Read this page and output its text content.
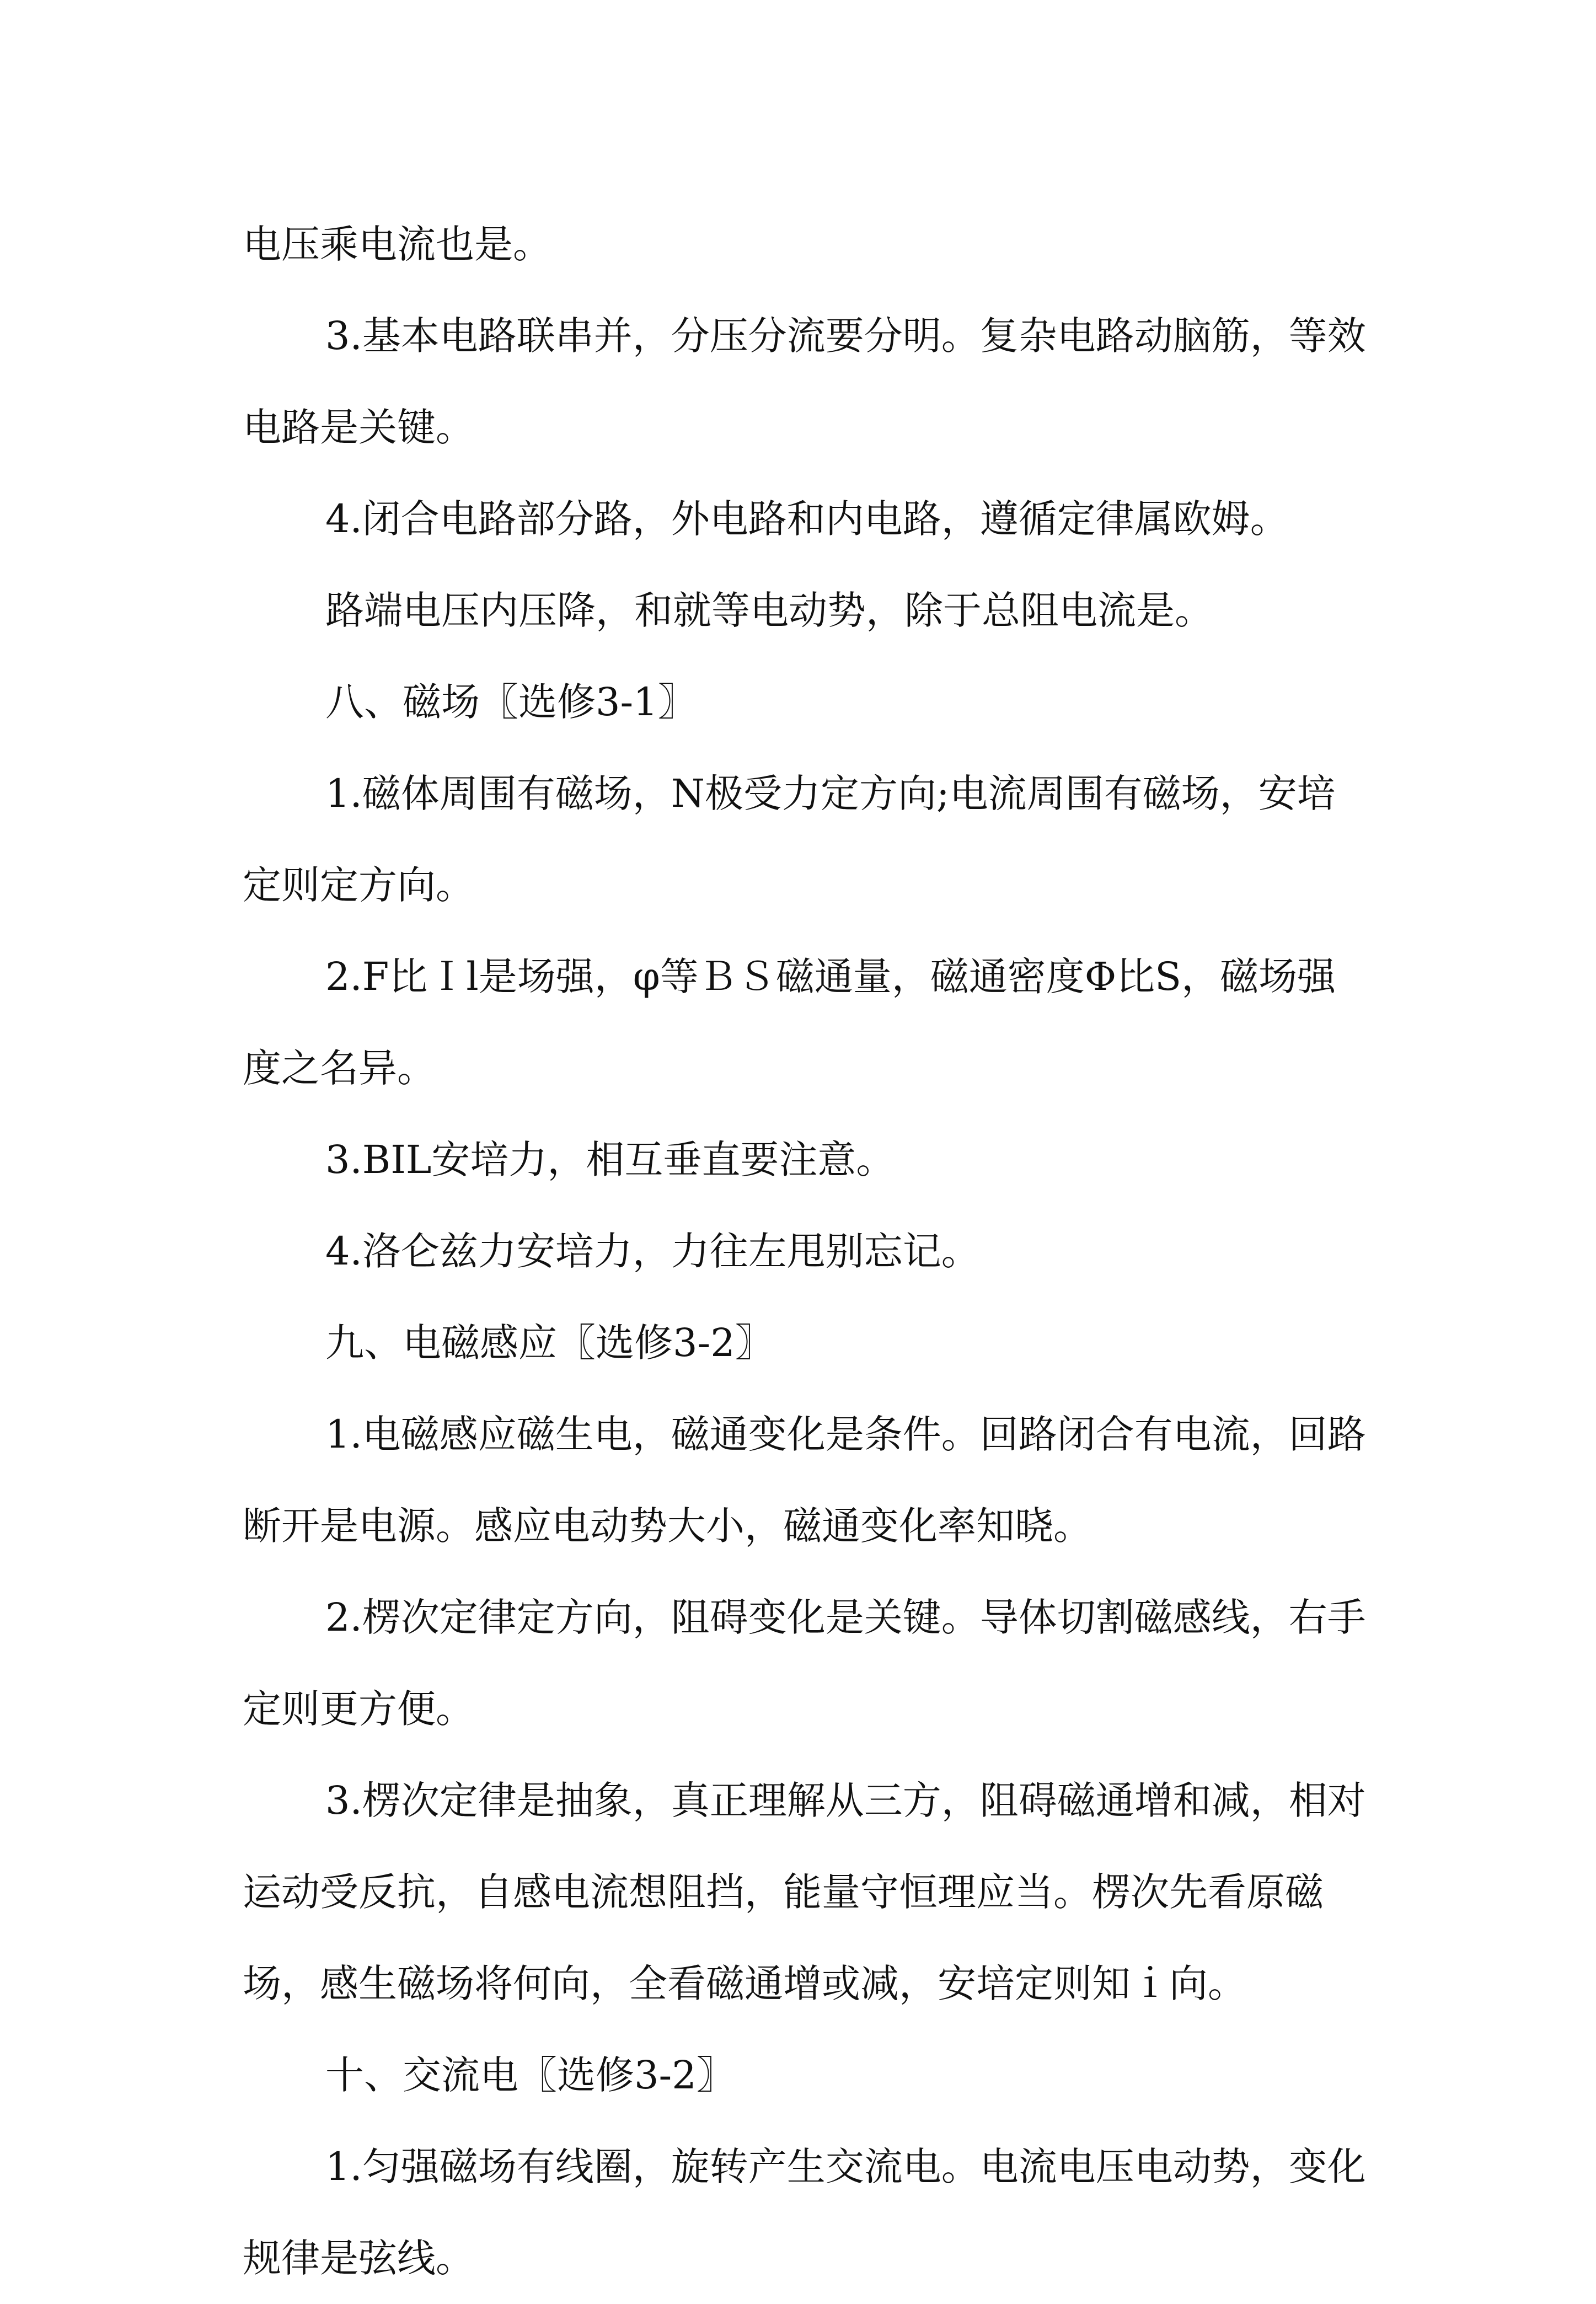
电压乘电流也是。

3.基本电路联串并，分压分流要分明。复杂电路动脑筋，等效电路是关键。

4.闭合电路部分路，外电路和内电路，遵循定律属欧姆。

路端电压内压降，和就等电动势，除于总阻电流是。

八、磁场〖选修3-1〗

1.磁体周围有磁场，N极受力定方向;电流周围有磁场，安培定则定方向。

2.F比Ｉl是场强，φ等ＢＳ磁通量，磁通密度Φ比S，磁场强度之名异。

3.BIL安培力，相互垂直要注意。

4.洛仑兹力安培力，力往左甩别忘记。

九、电磁感应〖选修3-2〗

1.电磁感应磁生电，磁通变化是条件。回路闭合有电流，回路断开是电源。感应电动势大小，磁通变化率知晓。

2.楞次定律定方向，阻碍变化是关键。导体切割磁感线，右手定则更方便。

3.楞次定律是抽象，真正理解从三方，阻碍磁通增和减，相对运动受反抗，自感电流想阻挡，能量守恒理应当。楞次先看原磁场，感生磁场将何向，全看磁通增或减，安培定则知ｉ向。

十、交流电〖选修3-2〗

1.匀强磁场有线圈，旋转产生交流电。电流电压电动势，变化规律是弦线。
